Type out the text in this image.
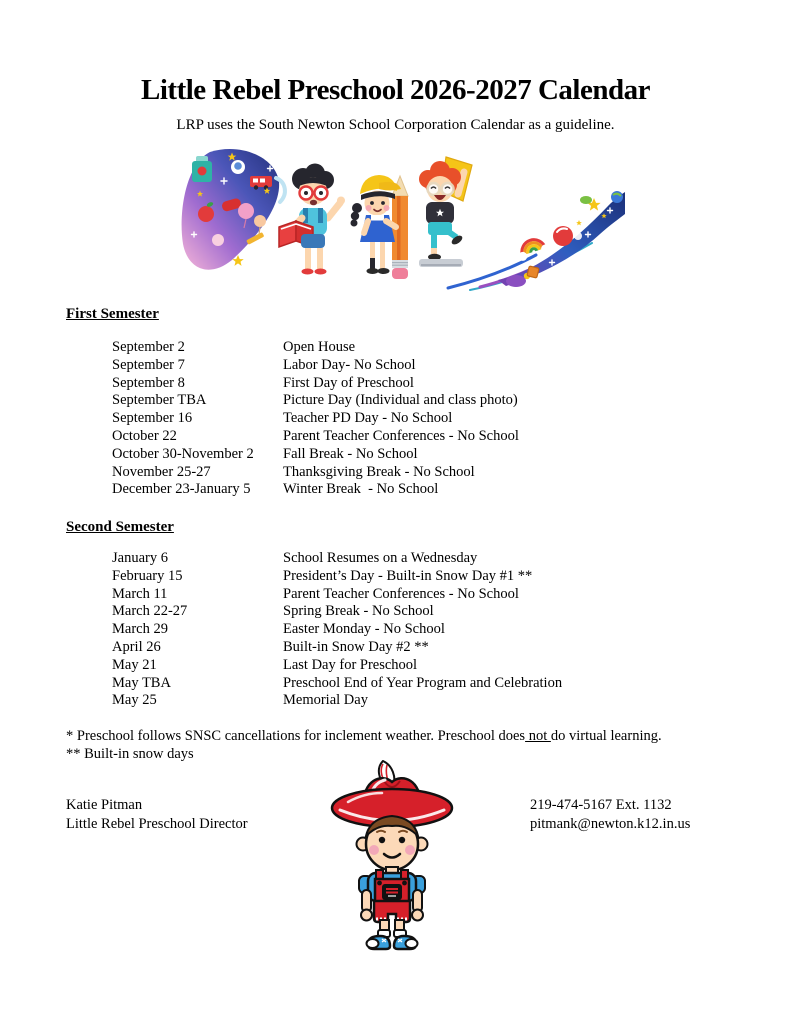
Little Rebel Preschool 2026-2027 Calendar
LRP uses the South Newton School Corporation Calendar as a guideline.
First Semester
September 2	Open House
September 7	Labor Day- No School
September 8	First Day of Preschool
September TBA	Picture Day (Individual and class photo)
September 16	Teacher PD Day - No School
October 22	Parent Teacher Conferences - No School
October 30-November 2	Fall Break - No School
November 25-27	Thanksgiving Break - No School
December 23-January 5	Winter Break  - No School
Second Semester
January 6	School Resumes on a Wednesday
February 15	President’s Day - Built-in Snow Day #1 **
March 11	Parent Teacher Conferences - No School
March 22-27	Spring Break - No School
March 29	Easter Monday - No School
April 26	Built-in Snow Day #2 **
May 21	Last Day for Preschool
May TBA	Preschool End of Year Program and Celebration
May 25	Memorial Day
* Preschool follows SNSC cancellations for inclement weather. Preschool does not do virtual learning.
** Built-in snow days
Katie Pitman
Little Rebel Preschool Director
219-474-5167 Ext. 1132
pitmank@newton.k12.in.us
